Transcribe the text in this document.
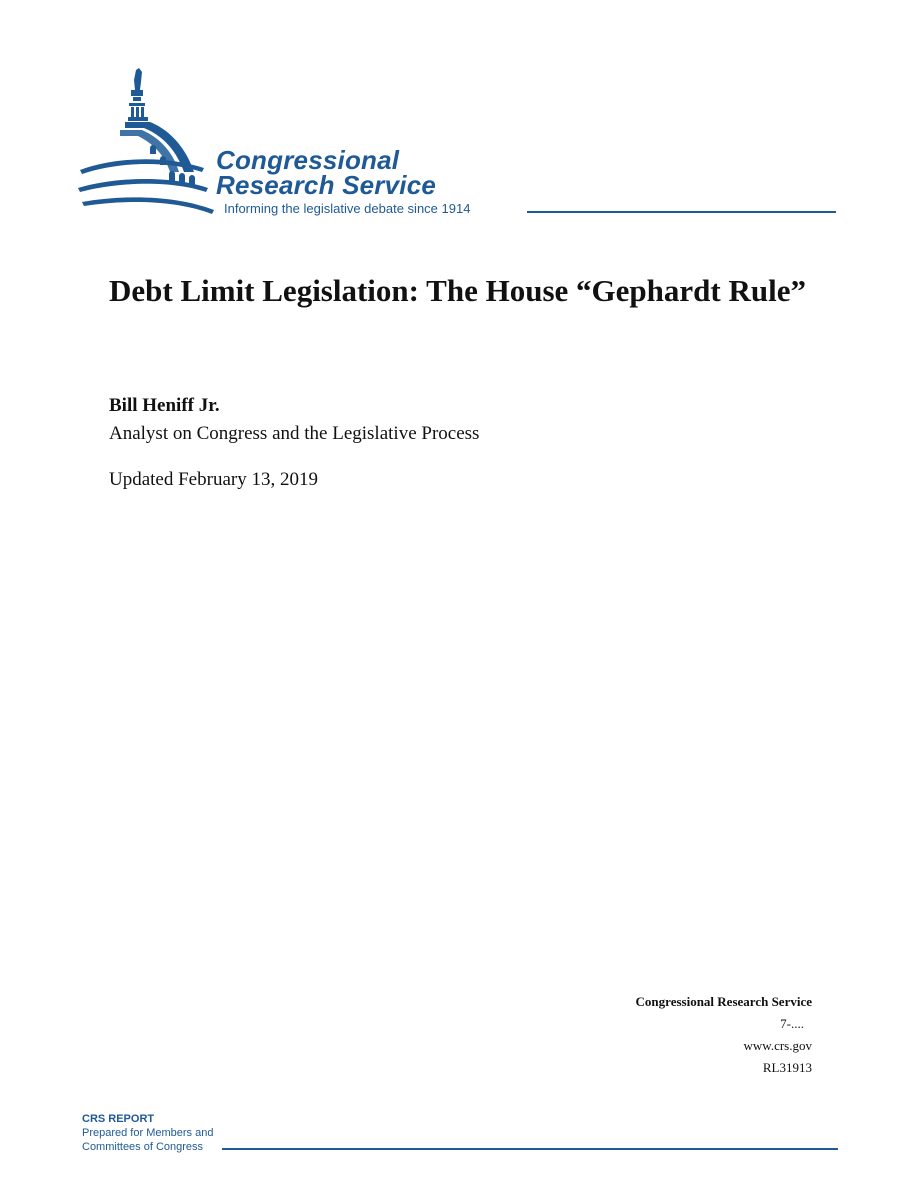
Congressional
Research Service
Informing the legislative debate since 1914
Debt Limit Legislation: The House “Gephardt Rule”
Bill Heniff Jr.
Analyst on Congress and the Legislative Process
Updated February 13, 2019
Congressional Research Service
7-....
www.crs.gov
RL31913
CRS REPORT
Prepared for Members and
Committees of Congress
